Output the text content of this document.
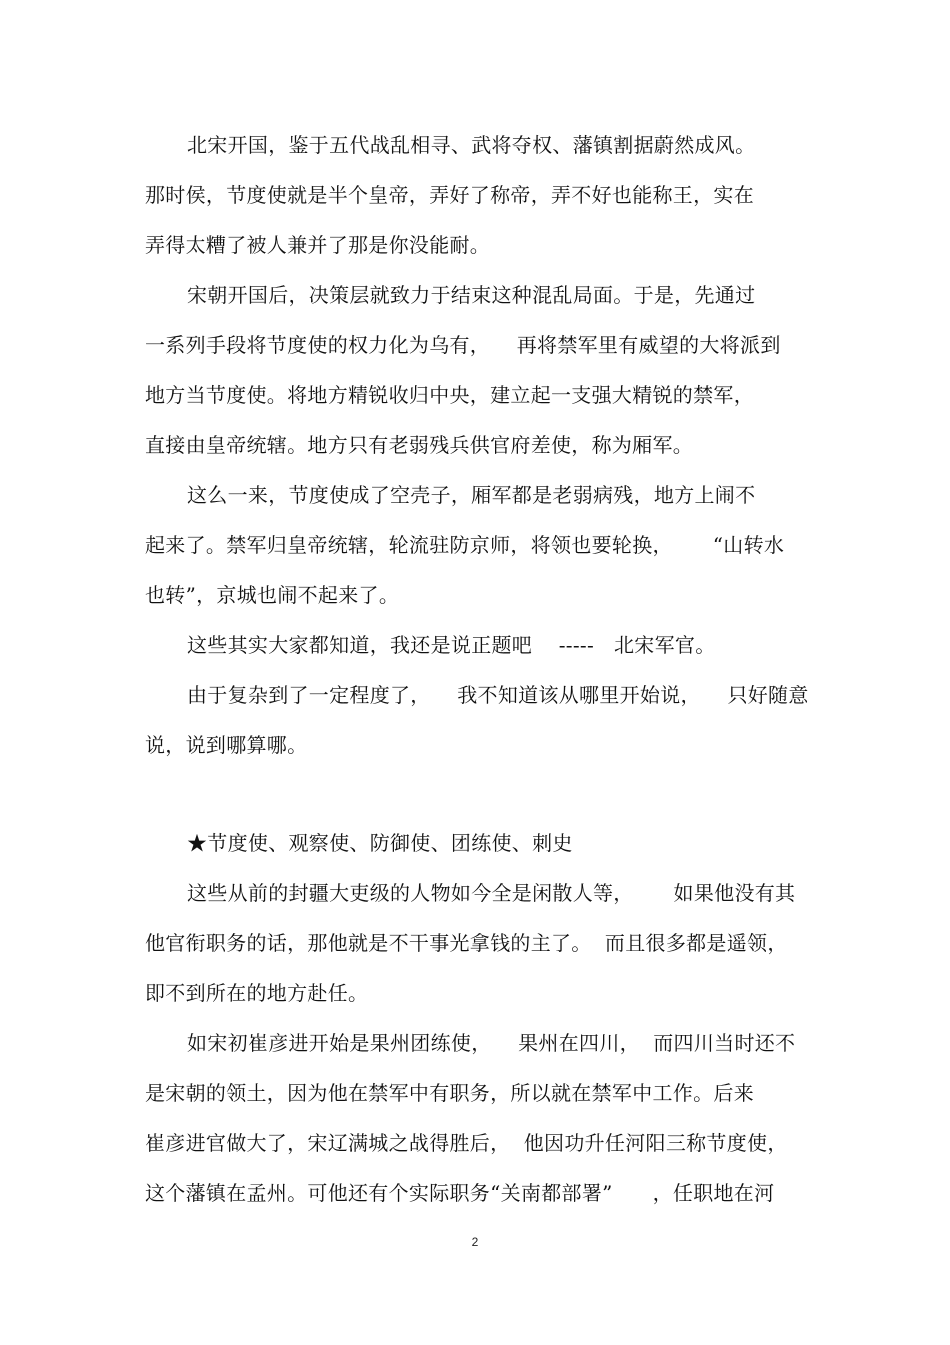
北宋开国，鉴于五代战乱相寻、武将夺权、藩镇割据蔚然成风。
那时侯，节度使就是半个皇帝，弄好了称帝，弄不好也能称王，实在
弄得太糟了被人兼并了那是你没能耐。
宋朝开国后，决策层就致力于结束这种混乱局面。于是，先通过
一系列手段将节度使的权力化为乌有，    再将禁军里有威望的大将派到
地方当节度使。将地方精锐收归中央，建立起一支强大精锐的禁军，
直接由皇帝统辖。地方只有老弱残兵供官府差使，称为厢军。
这么一来，节度使成了空壳子，厢军都是老弱病残，地方上闹不
起来了。禁军归皇帝统辖，轮流驻防京师，将领也要轮换，      “山转水
也转”，京城也闹不起来了。
这些其实大家都知道，我还是说正题吧    -----   北宋军官。
由于复杂到了一定程度了，    我不知道该从哪里开始说，    只好随意
说，说到哪算哪。
★节度使、观察使、防御使、团练使、刺史
这些从前的封疆大吏级的人物如今全是闲散人等，      如果他没有其
他官衔职务的话，那他就是不干事光拿钱的主了。  而且很多都是遥领，
即不到所在的地方赴任。
如宋初崔彦进开始是果州团练使，    果州在四川，  而四川当时还不
是宋朝的领土，因为他在禁军中有职务，所以就在禁军中工作。后来
崔彦进官做大了，宋辽满城之战得胜后，  他因功升任河阳三称节度使，
这个藩镇在孟州。可他还有个实际职务“关南都部署”      ，任职地在河
2
